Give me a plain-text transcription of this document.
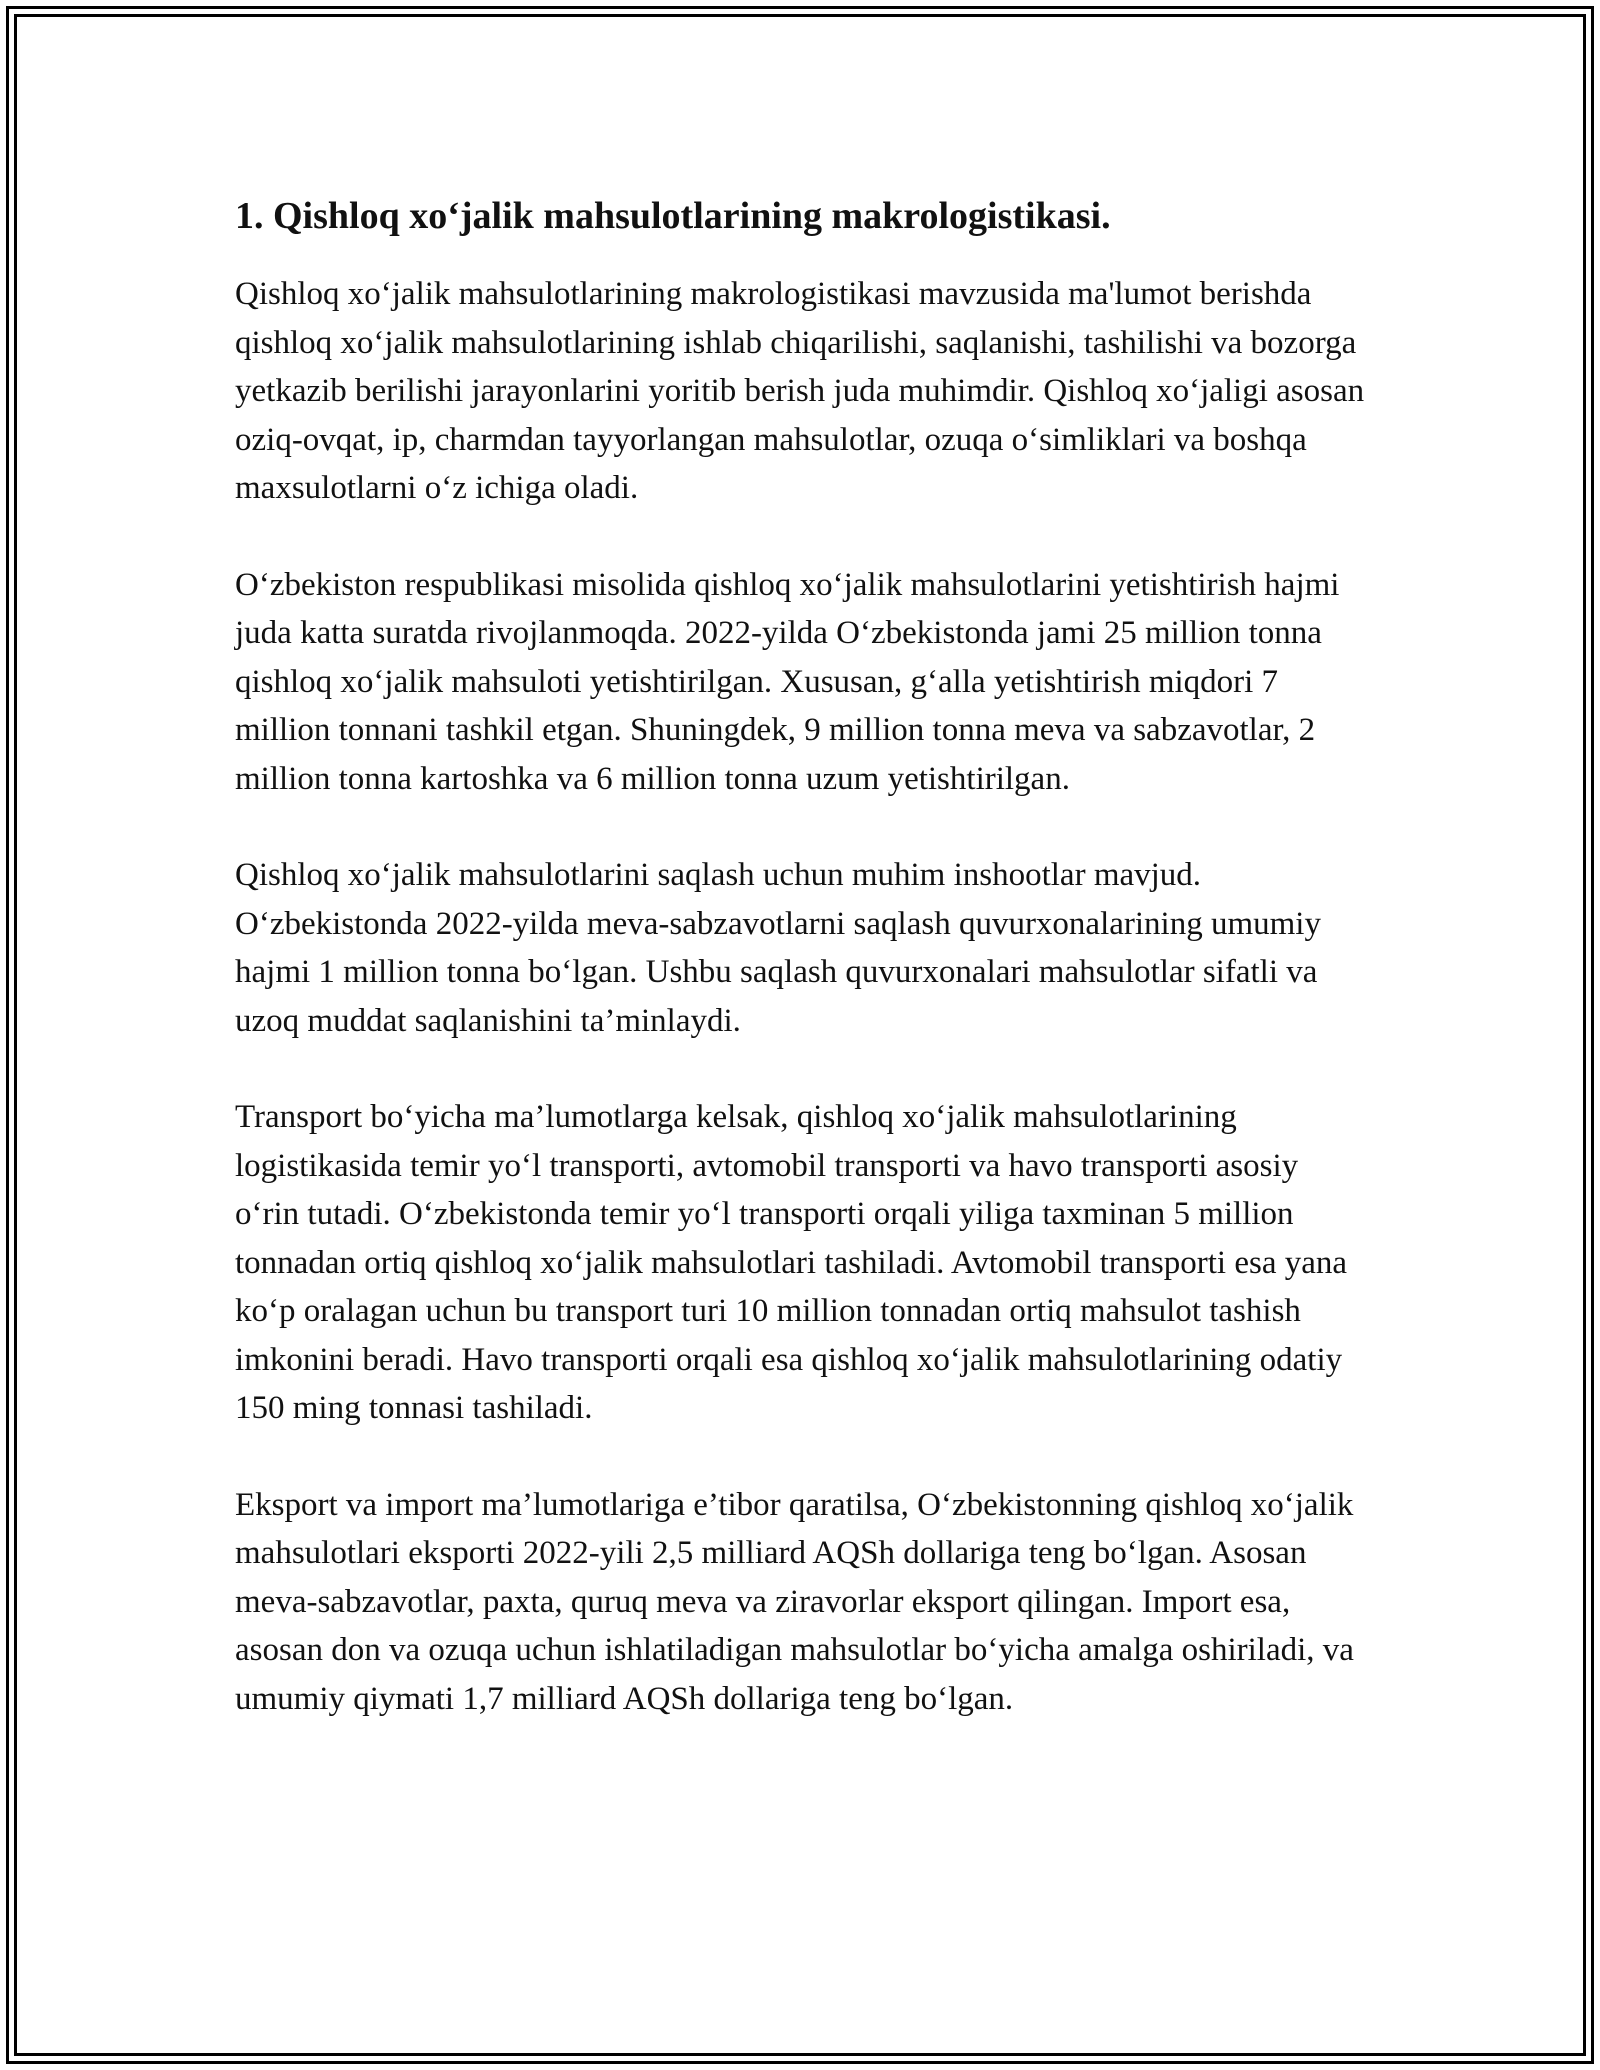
1. Qishloq xo‘jalik mahsulotlarining makrologistikasi.

Qishloq xo‘jalik mahsulotlarining makrologistikasi mavzusida ma'lumot berishda qishloq xo‘jalik mahsulotlarining ishlab chiqarilishi, saqlanishi, tashilishi va bozorga yetkazib berilishi jarayonlarini yoritib berish juda muhimdir. Qishloq xo‘jaligi asosan oziq-ovqat, ip, charmdan tayyorlangan mahsulotlar, ozuqa o‘simliklari va boshqa maxsulotlarni o‘z ichiga oladi.

O‘zbekiston respublikasi misolida qishloq xo‘jalik mahsulotlarini yetishtirish hajmi juda katta suratda rivojlanmoqda. 2022-yilda O‘zbekistonda jami 25 million tonna qishloq xo‘jalik mahsuloti yetishtirilgan. Xususan, g‘alla yetishtirish miqdori 7 million tonnani tashkil etgan. Shuningdek, 9 million tonna meva va sabzavotlar, 2 million tonna kartoshka va 6 million tonna uzum yetishtirilgan.

Qishloq xo‘jalik mahsulotlarini saqlash uchun muhim inshootlar mavjud. O‘zbekistonda 2022-yilda meva-sabzavotlarni saqlash quvurxonalarining umumiy hajmi 1 million tonna bo‘lgan. Ushbu saqlash quvurxonalari mahsulotlar sifatli va uzoq muddat saqlanishini ta’minlaydi.

Transport bo‘yicha ma’lumotlarga kelsak, qishloq xo‘jalik mahsulotlarining logistikasida temir yo‘l transporti, avtomobil transporti va havo transporti asosiy o‘rin tutadi. O‘zbekistonda temir yo‘l transporti orqali yiliga taxminan 5 million tonnadan ortiq qishloq xo‘jalik mahsulotlari tashiladi. Avtomobil transporti esa yana ko‘p oralagan uchun bu transport turi 10 million tonnadan ortiq mahsulot tashish imkonini beradi. Havo transporti orqali esa qishloq xo‘jalik mahsulotlarining odatiy 150 ming tonnasi tashiladi.

Eksport va import ma’lumotlariga e’tibor qaratilsa, O‘zbekistonning qishloq xo‘jalik mahsulotlari eksporti 2022-yili 2,5 milliard AQSh dollariga teng bo‘lgan. Asosan meva-sabzavotlar, paxta, quruq meva va ziravorlar eksport qilingan. Import esa, asosan don va ozuqa uchun ishlatiladigan mahsulotlar bo‘yicha amalga oshiriladi, va umumiy qiymati 1,7 milliard AQSh dollariga teng bo‘lgan.
